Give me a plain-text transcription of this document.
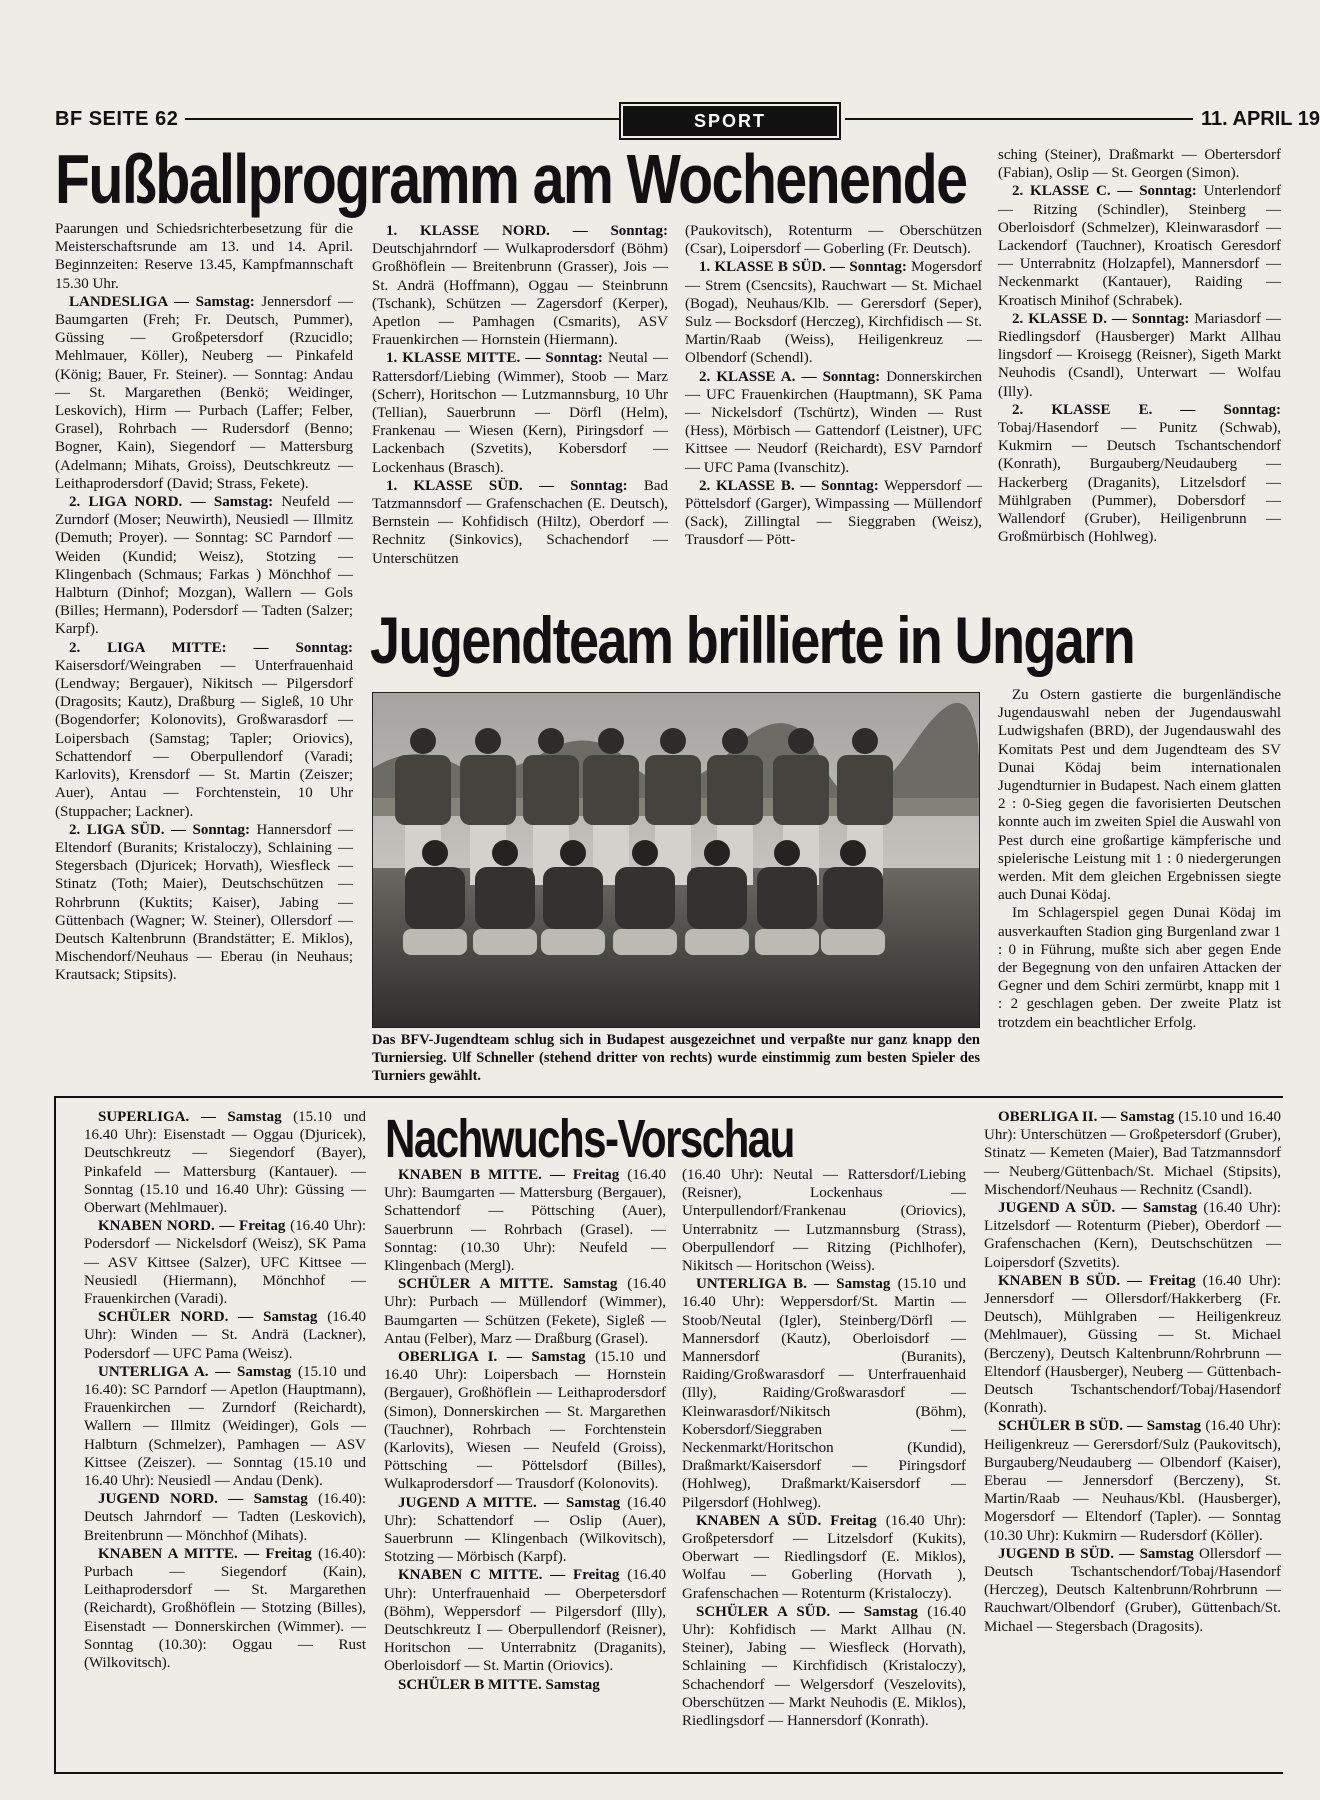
BF SEITE 62	SPORT	11. APRIL 19
Fußballprogramm am Wochenende

Paarungen und Schiedsrichterbesetzung für die Meisterschaftsrunde am 13. und 14. April. Beginnzeiten: Reserve 13.45, Kampfmannschaft 15.30 Uhr.

LANDESLIGA — Samstag: Jennersdorf — Baumgarten (Freh; Fr. Deutsch, Pummer), Güssing — Großpetersdorf (Rzucidlo; Mehlmauer, Köller), Neuberg — Pinkafeld (König; Bauer, Fr. Steiner). — Sonntag: Andau — St. Margarethen (Benkö; Weidinger, Leskovich), Hirm — Purbach (Laffer; Felber, Grasel), Rohrbach — Rudersdorf (Benno; Bogner, Kain), Siegendorf — Mattersburg (Adelmann; Mihats, Groiss), Deutschkreutz — Leithaprodersdorf (David; Strass, Fekete).

2. LIGA NORD. — Samstag: Neufeld — Zurndorf (Moser; Neuwirth), Neusiedl — Illmitz (Demuth; Proyer). — Sonntag: SC Parndorf — Weiden (Kundid; Weisz), Stotzing — Klingenbach (Schmaus; Farkas ) Mönchhof — Halbturn (Dinhof; Mozgan), Wallern — Gols (Billes; Hermann), Podersdorf — Tadten (Salzer; Karpf).

2. LIGA MITTE: — Sonntag: Kaisersdorf/Weingraben — Unterfrauenhaid (Lendway; Bergauer), Nikitsch — Pilgersdorf (Dragosits; Kautz), Draßburg — Sigleß, 10 Uhr (Bogendorfer; Kolonovits), Großwarasdorf — Loipersbach (Samstag; Tapler; Oriovics), Schattendorf — Oberpullendorf (Varadi; Karlovits), Krensdorf — St. Martin (Zeiszer; Auer), Antau — Forchtenstein, 10 Uhr (Stuppacher; Lackner).

2. LIGA SÜD. — Sonntag: Hannersdorf — Eltendorf (Buranits; Kristaloczy), Schlaining — Stegersbach (Djuricek; Horvath), Wiesfleck — Stinatz (Toth; Maier), Deutschschützen — Rohrbrunn (Kuktits; Kaiser), Jabing — Güttenbach (Wagner; W. Steiner), Ollersdorf — Deutsch Kaltenbrunn (Brandstätter; E. Miklos), Mischendorf/Neuhaus — Eberau (in Neuhaus; Krautsack; Stipsits).

1. KLASSE NORD. — Sonntag: Deutschjahrndorf — Wulkaprodersdorf (Böhm) Großhöflein — Breitenbrunn (Grasser), Jois — St. Andrä (Hoffmann), Oggau — Steinbrunn (Tschank), Schützen — Zagersdorf (Kerper), Apetlon — Pamhagen (Csmarits), ASV Frauenkirchen — Hornstein (Hiermann).

1. KLASSE MITTE. — Sonntag: Neutal — Rattersdorf/Liebing (Wimmer), Stoob — Marz (Scherr), Horitschon — Lutzmannsburg, 10 Uhr (Tellian), Sauerbrunn — Dörfl (Helm), Frankenau — Wiesen (Kern), Piringsdorf — Lackenbach (Szvetits), Kobersdorf — Lockenhaus (Brasch).

1. KLASSE SÜD. — Sonntag: Bad Tatzmannsdorf — Grafenschachen (E. Deutsch), Bernstein — Kohfidisch (Hiltz), Oberdorf — Rechnitz (Sinkovics), Schachendorf — Unterschützen

(Paukovitsch), Rotenturm — Oberschützen (Csar), Loipersdorf — Goberling (Fr. Deutsch).

1. KLASSE B SÜD. — Sonntag: Mogersdorf — Strem (Csencsits), Rauchwart — St. Michael (Bogad), Neuhaus/Klb. — Gerersdorf (Seper), Sulz — Bocksdorf (Herczeg), Kirchfidisch — St. Martin/Raab (Weiss), Heiligenkreuz — Olbendorf (Schendl).

2. KLASSE A. — Sonntag: Donnerskirchen — UFC Frauenkirchen (Hauptmann), SK Pama — Nickelsdorf (Tschürtz), Winden — Rust (Hess), Mörbisch — Gattendorf (Leistner), UFC Kittsee — Neudorf (Reichardt), ESV Parndorf — UFC Pama (Ivanschitz).

2. KLASSE B. — Sonntag: Weppersdorf — Pöttelsdorf (Garger), Wimpassing — Müllendorf (Sack), Zillingtal — Sieggraben (Weisz), Trausdorf — Pött-

sching (Steiner), Draßmarkt — Obertersdorf (Fabian), Oslip — St. Georgen (Simon).

2. KLASSE C. — Sonntag: Unterlendorf — Ritzing (Schindler), Steinberg — Oberloisdorf (Schmelzer), Kleinwarasdorf — Lackendorf (Tauchner), Kroatisch Geresdorf — Unterrabnitz (Holzapfel), Mannersdorf — Neckenmarkt (Kantauer), Raiding — Kroatisch Minihof (Schrabek).

2. KLASSE D. — Sonntag: Mariasdorf — Riedlingsdorf (Hausberger) Markt Allhau lingsdorf — Kroisegg (Reisner), Sigeth Markt Neuhodis (Csandl), Unterwart — Wolfau (Illy).

2. KLASSE E. — Sonntag: Tobaj/Hasendorf — Punitz (Schwab), Kukmirn — Deutsch Tschantschendorf (Konrath), Burgauberg/Neudauberg — Hackerberg (Draganits), Litzelsdorf — Mühlgraben (Pummer), Dobersdorf — Wallendorf (Gruber), Heiligenbrunn — Großmürbisch (Hohlweg).

Jugendteam brillierte in Ungarn
Das BFV-Jugendteam schlug sich in Budapest ausgezeichnet und verpaßte nur ganz knapp den Turniersieg. Ulf Schneller (stehend dritter von rechts) wurde einstimmig zum besten Spieler des Turniers gewählt.

Zu Ostern gastierte die burgenländische Jugendauswahl neben der Jugendauswahl Ludwigshafen (BRD), der Jugendauswahl des Komitats Pest und dem Jugendteam des SV Dunai Ködaj beim internationalen Jugendturnier in Budapest. Nach einem glatten 2 : 0-Sieg gegen die favorisierten Deutschen konnte auch im zweiten Spiel die Auswahl von Pest durch eine großartige kämpferische und spielerische Leistung mit 1 : 0 niedergerungen werden. Mit dem gleichen Ergebnissen siegte auch Dunai Ködaj.

Im Schlagerspiel gegen Dunai Ködaj im ausverkauften Stadion ging Burgenland zwar 1 : 0 in Führung, mußte sich aber gegen Ende der Begegnung von den unfairen Attacken der Gegner und dem Schiri zermürbt, knapp mit 1 : 2 geschlagen geben. Der zweite Platz ist trotzdem ein beachtlicher Erfolg.

Nachwuchs-Vorschau

SUPERLIGA. — Samstag (15.10 und 16.40 Uhr): Eisenstadt — Oggau (Djuricek), Deutschkreutz — Siegendorf (Bayer), Pinkafeld — Mattersburg (Kantauer). — Sonntag (15.10 und 16.40 Uhr): Güssing — Oberwart (Mehlmauer).

KNABEN NORD. — Freitag (16.40 Uhr): Podersdorf — Nickelsdorf (Weisz), SK Pama — ASV Kittsee (Salzer), UFC Kittsee — Neusiedl (Hiermann), Mönchhof — Frauenkirchen (Varadi).

SCHÜLER NORD. — Samstag (16.40 Uhr): Winden — St. Andrä (Lackner), Podersdorf — UFC Pama (Weisz).

UNTERLIGA A. — Samstag (15.10 und 16.40): SC Parndorf — Apetlon (Hauptmann), Frauenkirchen — Zurndorf (Reichardt), Wallern — Illmitz (Weidinger), Gols — Halbturn (Schmelzer), Pamhagen — ASV Kittsee (Zeiszer). — Sonntag (15.10 und 16.40 Uhr): Neusiedl — Andau (Denk).

JUGEND NORD. — Samstag (16.40): Deutsch Jahrndorf — Tadten (Leskovich), Breitenbrunn — Mönchhof (Mihats).

KNABEN A MITTE. — Freitag (16.40): Purbach — Siegendorf (Kain), Leithaprodersdorf — St. Margarethen (Reichardt), Großhöflein — Stotzing (Billes), Eisenstadt — Donnerskirchen (Wimmer). — Sonntag (10.30): Oggau — Rust (Wilkovitsch).

KNABEN B MITTE. — Freitag (16.40 Uhr): Baumgarten — Mattersburg (Bergauer), Schattendorf — Pöttsching (Auer), Sauerbrunn — Rohrbach (Grasel). — Sonntag: (10.30 Uhr): Neufeld — Klingenbach (Mergl).

SCHÜLER A MITTE. Samstag (16.40 Uhr): Purbach — Müllendorf (Wimmer), Baumgarten — Schützen (Fekete), Sigleß — Antau (Felber), Marz — Draßburg (Grasel).

OBERLIGA I. — Samstag (15.10 und 16.40 Uhr): Loipersbach — Hornstein (Bergauer), Großhöflein — Leithaprodersdorf (Simon), Donnerskirchen — St. Margarethen (Tauchner), Rohrbach — Forchtenstein (Karlovits), Wiesen — Neufeld (Groiss), Pöttsching — Pöttelsdorf (Billes), Wulkaprodersdorf — Trausdorf (Kolonovits).

JUGEND A MITTE. — Samstag (16.40 Uhr): Schattendorf — Oslip (Auer), Sauerbrunn — Klingenbach (Wilkovitsch), Stotzing — Mörbisch (Karpf).

KNABEN C MITTE. — Freitag (16.40 Uhr): Unterfrauenhaid — Oberpetersdorf (Böhm), Weppersdorf — Pilgersdorf (Illy), Deutschkreutz I — Oberpullendorf (Reisner), Horitschon — Unterrabnitz (Draganits), Oberloisdorf — St. Martin (Oriovics).

SCHÜLER B MITTE. Samstag

(16.40 Uhr): Neutal — Rattersdorf/Liebing (Reisner), Lockenhaus — Unterpullendorf/Frankenau (Oriovics), Unterrabnitz — Lutzmannsburg (Strass), Oberpullendorf — Ritzing (Pichlhofer), Nikitsch — Horitschon (Weiss).

UNTERLIGA B. — Samstag (15.10 und 16.40 Uhr): Weppersdorf/St. Martin — Stoob/Neutal (Igler), Steinberg/Dörfl — Mannersdorf (Kautz), Oberloisdorf — Mannersdorf (Buranits), Raiding/Großwarasdorf — Unterfrauenhaid (Illy), Raiding/Großwarasdorf — Kleinwarasdorf/Nikitsch (Böhm), Kobersdorf/Sieggraben — Neckenmarkt/Horitschon (Kundid), Draßmarkt/Kaisersdorf — Piringsdorf (Hohlweg), Draßmarkt/Kaisersdorf — Pilgersdorf (Hohlweg).

KNABEN A SÜD. Freitag (16.40 Uhr): Großpetersdorf — Litzelsdorf (Kukits), Oberwart — Riedlingsdorf (E. Miklos), Wolfau — Goberling (Horvath ), Grafenschachen — Rotenturm (Kristaloczy).

SCHÜLER A SÜD. — Samstag (16.40 Uhr): Kohfidisch — Markt Allhau (N. Steiner), Jabing — Wiesfleck (Horvath), Schlaining — Kirchfidisch (Kristaloczy), Schachendorf — Welgersdorf (Veszelovits), Oberschützen — Markt Neuhodis (E. Miklos), Riedlingsdorf — Hannersdorf (Konrath).

OBERLIGA II. — Samstag (15.10 und 16.40 Uhr): Unterschützen — Großpetersdorf (Gruber), Stinatz — Kemeten (Maier), Bad Tatzmannsdorf — Neuberg/Güttenbach/St. Michael (Stipsits), Mischendorf/Neuhaus — Rechnitz (Csandl).

JUGEND A SÜD. — Samstag (16.40 Uhr): Litzelsdorf — Rotenturm (Pieber), Oberdorf — Grafenschachen (Kern), Deutschschützen — Loipersdorf (Szvetits).

KNABEN B SÜD. — Freitag (16.40 Uhr): Jennersdorf — Ollersdorf/Hakkerberg (Fr. Deutsch), Mühlgraben — Heiligenkreuz (Mehlmauer), Güssing — St. Michael (Berczeny), Deutsch Kaltenbrunn/Rohrbrunn — Eltendorf (Hausberger), Neuberg — Güttenbach-Deutsch Tschantschendorf/Tobaj/Hasendorf (Konrath).

SCHÜLER B SÜD. — Samstag (16.40 Uhr): Heiligenkreuz — Gerersdorf/Sulz (Paukovitsch), Burgauberg/Neudauberg — Olbendorf (Kaiser), Eberau — Jennersdorf (Berczeny), St. Martin/Raab — Neuhaus/Kbl. (Hausberger), Mogersdorf — Eltendorf (Tapler). — Sonntag (10.30 Uhr): Kukmirn — Rudersdorf (Köller).

JUGEND B SÜD. — Samstag Ollersdorf — Deutsch Tschantschendorf/Tobaj/Hasendorf (Herczeg), Deutsch Kaltenbrunn/Rohrbrunn — Rauchwart/Olbendorf (Gruber), Güttenbach/St. Michael — Stegersbach (Dragosits).
